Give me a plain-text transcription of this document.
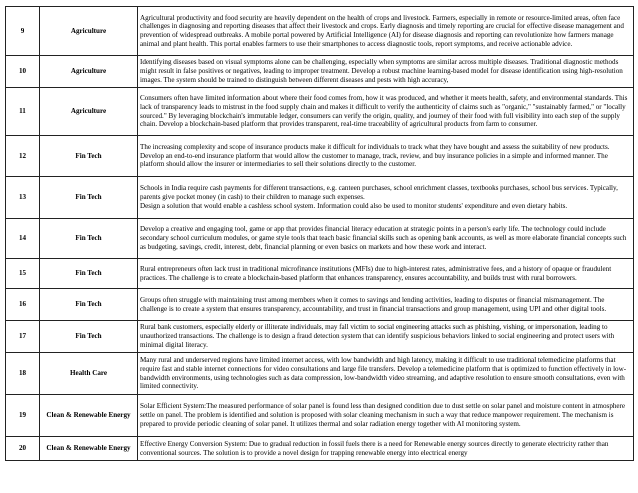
9	Agriculture	Agricultural productivity and food security are heavily dependent on the health of crops and livestock. Farmers, especially in remote or resource-limited areas, often face challenges in diagnosing and reporting diseases that affect their livestock and crops. Early diagnosis and timely reporting are crucial for effective disease management and prevention of widespread outbreaks. A mobile portal powered by Artificial Intelligence (AI) for disease diagnosis and reporting can revolutionize how farmers manage animal and plant health. This portal enables farmers to use their smartphones to access diagnostic tools, report symptoms, and receive actionable advice.
10	Agriculture	Identifying diseases based on visual symptoms alone can be challenging, especially when symptoms are similar across multiple diseases. Traditional diagnostic methods might result in false positives or negatives, leading to improper treatment. Develop a robust machine learning-based model for disease identification using high-resolution images. The system should be trained to distinguish between different diseases and pests with high accuracy,
11	Agriculture	Consumers often have limited information about where their food comes from, how it was produced, and whether it meets health, safety, and environmental standards. This lack of transparency leads to mistrust in the food supply chain and makes it difficult to verify the authenticity of claims such as "organic," "sustainably farmed," or "locally sourced." By leveraging blockchain's immutable ledger, consumers can verify the origin, quality, and journey of their food with full visibility into each step of the supply chain. Develop a blockchain-based platform that provides transparent, real-time traceability of agricultural products from farm to consumer.
12	Fin Tech	The increasing complexity and scope of insurance products make it difficult for individuals to track what they have bought and assess the suitability of new products. Develop an end-to-end insurance platform that would allow the customer to manage, track, review, and buy insurance policies in a simple and informed manner. The platform should allow the insurer or intermediaries to sell their solutions directly to the customer.
13	Fin Tech	Schools in India require cash payments for different transactions, e.g. canteen purchases, school enrichment classes, textbooks purchases, school bus services. Typically, parents give pocket money (in cash) to their children to manage such expenses.
Design a solution that would enable a cashless school system. Information could also be used to monitor students' expenditure and even dietary habits.
14	Fin Tech	Develop a creative and engaging tool, game or app that provides financial literacy education at strategic points in a person's early life. The technology could include secondary school curriculum modules, or game style tools that teach basic financial skills such as opening bank accounts, as well as more elaborate financial concepts such as budgeting, savings, credit, interest, debt, financial planning or even basics on markets and how these work and interact.
15	Fin Tech	Rural entrepreneurs often lack trust in traditional microfinance institutions (MFIs) due to high-interest rates, administrative fees, and a history of opaque or fraudulent practices. The challenge is to create a blockchain-based platform that enhances transparency, ensures accountability, and builds trust with rural borrowers.
16	Fin Tech	Groups often struggle with maintaining trust among members when it comes to savings and lending activities, leading to disputes or financial mismanagement. The challenge is to create a system that ensures transparency, accountability, and trust in financial transactions and group management, using UPI and other digital tools.
17	Fin Tech	Rural bank customers, especially elderly or illiterate individuals, may fall victim to social engineering attacks such as phishing, vishing, or impersonation, leading to unauthorized transactions. The challenge is to design a fraud detection system that can identify suspicious behaviors linked to social engineering and protect users with minimal digital literacy.
18	Health Care	Many rural and underserved regions have limited internet access, with low bandwidth and high latency, making it difficult to use traditional telemedicine platforms that require fast and stable internet connections for video consultations and large file transfers. Develop a telemedicine platform that is optimized to function effectively in low-bandwidth environments, using technologies such as data compression, low-bandwidth video streaming, and adaptive resolution to ensure smooth consultations, even with limited connectivity.
19	Clean & Renewable Energy	Solar Efficient System:The measured performance of solar panel is found less than designed condition due to dust settle on solar panel and moisture content in atmosphere settle on panel. The problem is identified and solution is proposed with solar cleaning mechanism in such a way that reduce manpower requirement. The mechanism is prepared to provide periodic cleaning of solar panel. It utilizes thermal and solar radiation energy together with AI monitoring system.
20	Clean & Renewable Energy	Effective Energy Conversion System: Due to gradual reduction in fossil fuels there is a need for Renewable energy sources directly to generate electricity rather than conventional sources. The solution is to provide a novel design for trapping renewable energy into electrical energy
